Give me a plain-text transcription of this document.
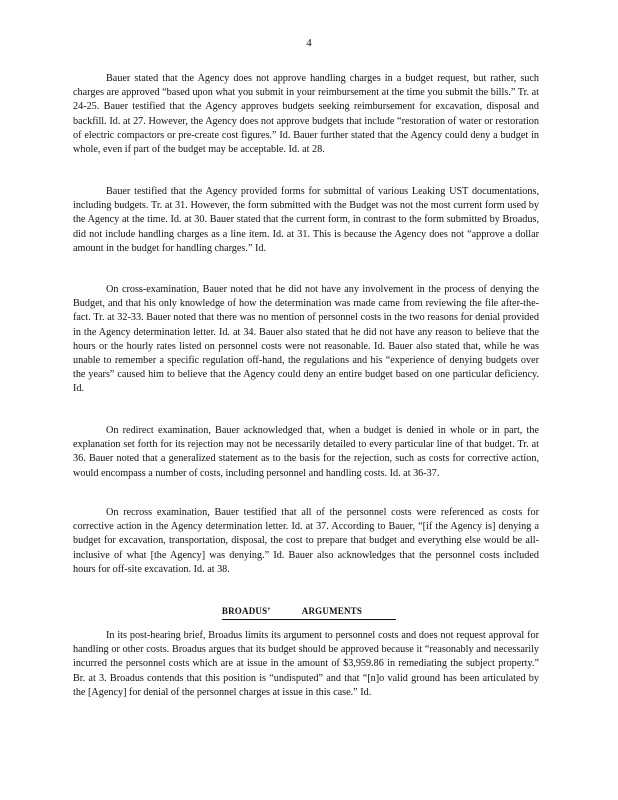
4

Bauer stated that the Agency does not approve handling charges in a budget request, but rather, such charges are approved “based upon what you submit in your reimbursement at the time you submit the bills.” Tr. at 24-25. Bauer testified that the Agency approves budgets seeking reimbursement for excavation, disposal and backfill. Id. at 27. However, the Agency does not approve budgets that include “restoration of water or restoration of electric compactors or pre-create cost figures.” Id. Bauer further stated that the Agency could deny a budget in whole, even if part of the budget may be acceptable. Id. at 28.

Bauer testified that the Agency provided forms for submittal of various Leaking UST documentations, including budgets. Tr. at 31. However, the form submitted with the Budget was not the most current form used by the Agency at the time. Id. at 30. Bauer stated that the current form, in contrast to the form submitted by Broadus, did not include handling charges as a line item. Id. at 31. This is because the Agency does not “approve a dollar amount in the budget for handling charges.” Id.

On cross-examination, Bauer noted that he did not have any involvement in the process of denying the Budget, and that his only knowledge of how the determination was made came from reviewing the file after-the-fact. Tr. at 32-33. Bauer noted that there was no mention of personnel costs in the two reasons for denial provided in the Agency determination letter. Id. at 34. Bauer also stated that he did not have any reason to believe that the hours or the hourly rates listed on personnel costs were not reasonable. Id. Bauer also stated that, while he was unable to remember a specific regulation off-hand, the regulations and his “experience of denying budgets over the years” caused him to believe that the Agency could deny an entire budget based on one particular deficiency. Id.

On redirect examination, Bauer acknowledged that, when a budget is denied in whole or in part, the explanation set forth for its rejection may not be necessarily detailed to every particular line of that budget. Tr. at 36. Bauer noted that a generalized statement as to the basis for the rejection, such as costs for corrective action, would encompass a number of costs, including personnel and handling costs. Id. at 36-37.

On recross examination, Bauer testified that all of the personnel costs were referenced as costs for corrective action in the Agency determination letter. Id. at 37. According to Bauer, “[if the Agency is] denying a budget for excavation, transportation, disposal, the cost to prepare that budget and everything else would be all-inclusive of what [the Agency] was denying.” Id. Bauer also acknowledges that the personnel costs included hours for off-site excavation. Id. at 38.

BROADUS’ ARGUMENTS

In its post-hearing brief, Broadus limits its argument to personnel costs and does not request approval for handling or other costs. Broadus argues that its budget should be approved because it “reasonably and necessarily incurred the personnel costs which are at issue in the amount of $3,959.86 in remediating the subject property.” Br. at 3. Broadus contends that this position is “undisputed” and that “[n]o valid ground has been articulated by the [Agency] for denial of the personnel charges at issue in this case.” Id.
